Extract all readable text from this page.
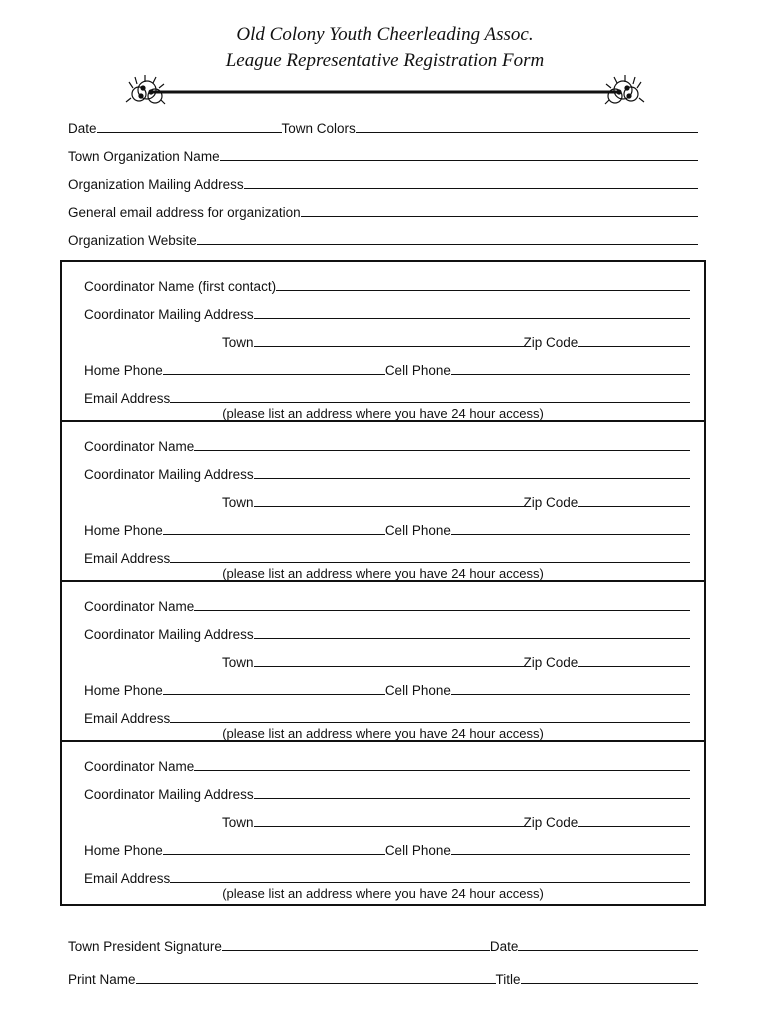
Old Colony Youth Cheerleading Assoc.
League Representative Registration Form
Date	Town Colors
Town Organization Name
Organization Mailing Address
General email address for organization
Organization Website
Coordinator Name (first contact)
Coordinator Mailing Address
Town	Zip Code
Home Phone	Cell Phone
Email Address
(please list an address where you have 24 hour access)
Coordinator Name
Coordinator Mailing Address
Town	Zip Code
Home Phone	Cell Phone
Email Address
(please list an address where you have 24 hour access)
Coordinator Name
Coordinator Mailing Address
Town	Zip Code
Home Phone	Cell Phone
Email Address
(please list an address where you have 24 hour access)
Coordinator Name
Coordinator Mailing Address
Town	Zip Code
Home Phone	Cell Phone
Email Address
(please list an address where you have 24 hour access)
Town President Signature	Date
Print Name	Title
